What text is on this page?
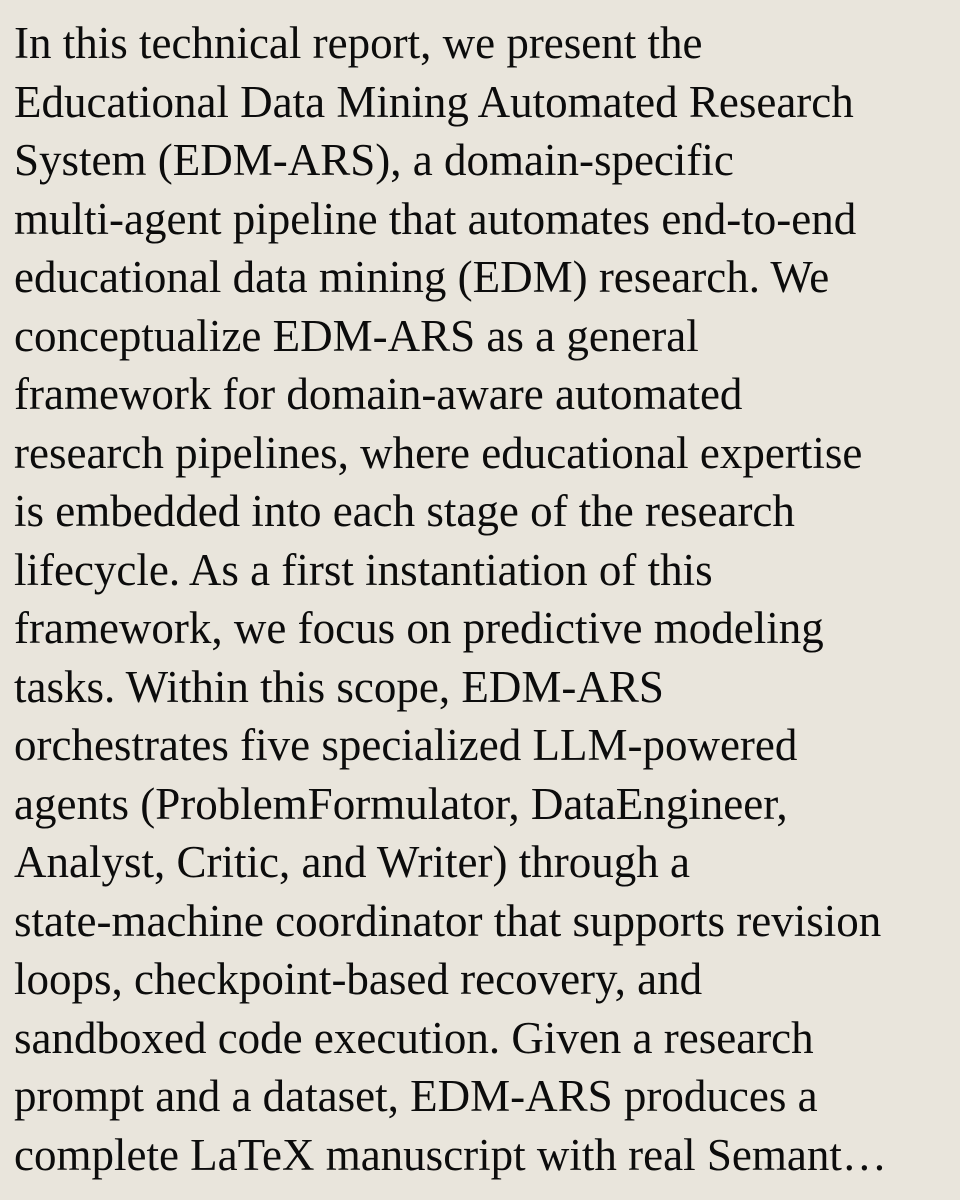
In this technical report, we present the
Educational Data Mining Automated Research
System (EDM-ARS), a domain-specific
multi-agent pipeline that automates end-to-end
educational data mining (EDM) research. We
conceptualize EDM-ARS as a general
framework for domain-aware automated
research pipelines, where educational expertise
is embedded into each stage of the research
lifecycle. As a first instantiation of this
framework, we focus on predictive modeling
tasks. Within this scope, EDM-ARS
orchestrates five specialized LLM-powered
agents (ProblemFormulator, DataEngineer,
Analyst, Critic, and Writer) through a
state-machine coordinator that supports revision
loops, checkpoint-based recovery, and
sandboxed code execution. Given a research
prompt and a dataset, EDM-ARS produces a
complete LaTeX manuscript with real Semant…
